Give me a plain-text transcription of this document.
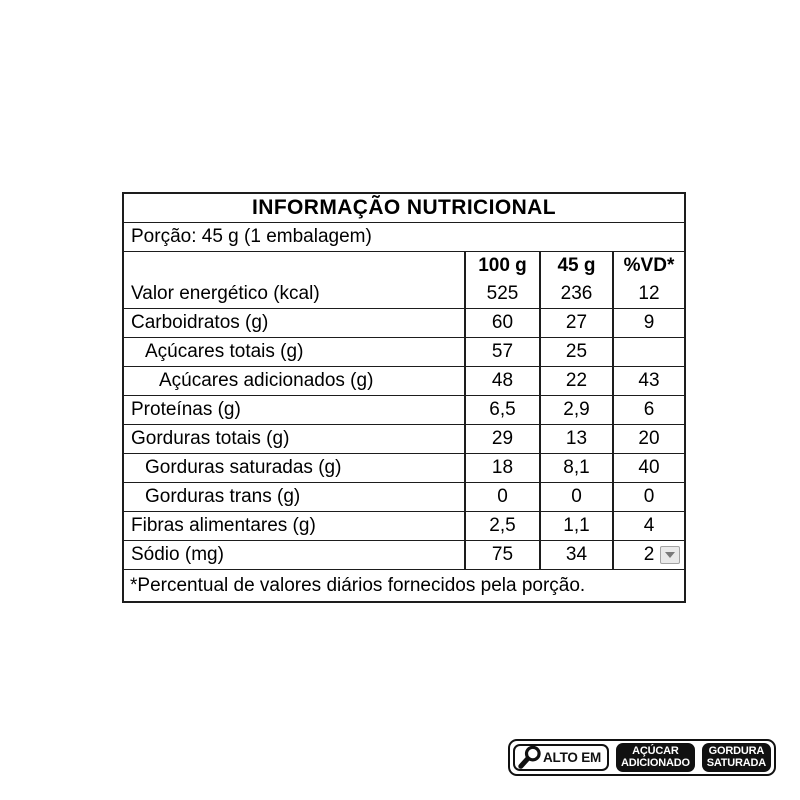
INFORMAÇÃO NUTRICIONAL
Porção: 45 g (1 embalagem)
100 g	45 g	%VD*
Valor energético (kcal)	525	236	12
Carboidratos (g)	60	27	9
Açúcares totais (g)	57	25
Açúcares adicionados (g)	48	22	43
Proteínas (g)	6,5	2,9	6
Gorduras totais (g)	29	13	20
Gorduras saturadas (g)	18	8,1	40
Gorduras trans (g)	0	0	0
Fibras alimentares (g)	2,5	1,1	4
Sódio (mg)	75	34	2
*Percentual de valores diários fornecidos pela porção.
ALTO EM	AÇÚCAR
ADICIONADO
GORDURA
SATURADA
